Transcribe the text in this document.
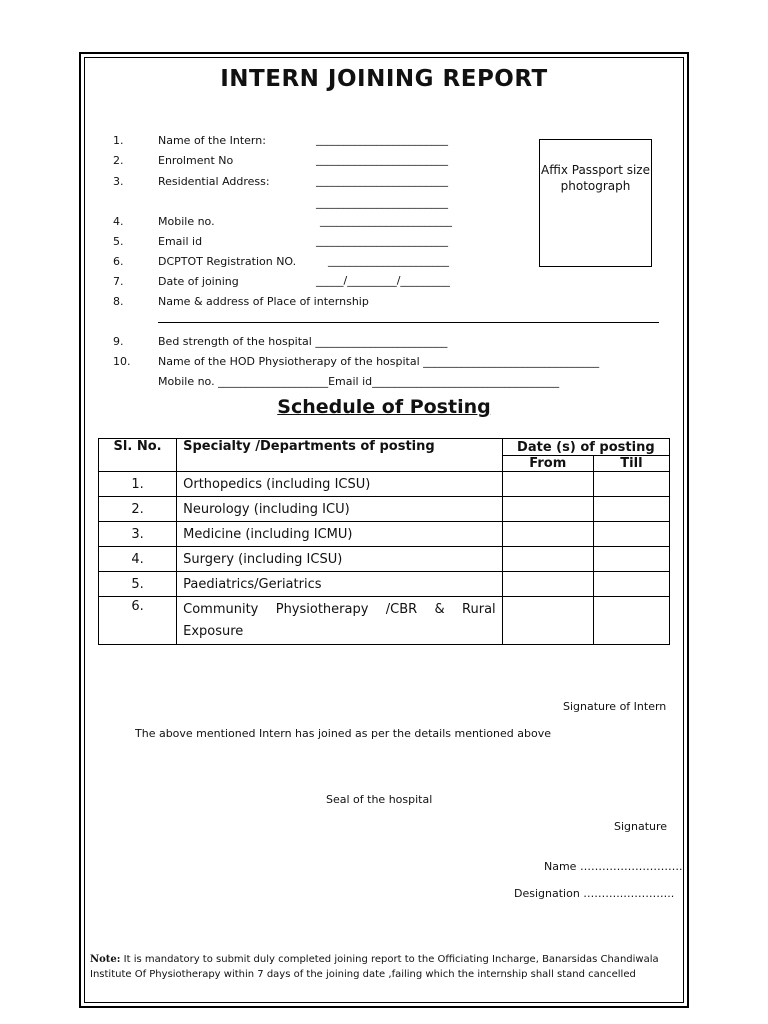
INTERN JOINING REPORT
1.	Name of the Intern:	________________________
2.	Enrolment No	________________________
3.	Residential Address:	________________________
________________________
4.	Mobile no.	________________________
5.	Email id	________________________
6.	DCPTOT Registration NO.	______________________
7.	Date of joining	_____/_________/_________
8.	Name & address of Place of internship
9.	Bed strength of the hospital ________________________
10.	Name of the HOD Physiotherapy of the hospital ________________________________
Mobile no. ____________________Email id__________________________________
Affix Passport size photograph
Schedule of Posting
Sl. No.	Specialty /Departments of posting	Date (s) of posting	
		From	Till
1.	Orthopedics (including ICSU)		
2.	Neurology (including ICU)		
3.	Medicine (including ICMU)		
4.	Surgery (including ICSU)		
5.	Paediatrics/Geriatrics		
6.	Community Physiotherapy /CBR & Rural Exposure		
Signature of Intern
The above mentioned Intern has joined as per the details mentioned above
Seal of the hospital
Signature
Name ……………………….
Designation ………..…………..
Note: It is mandatory to submit duly completed joining report to the Officiating Incharge, Banarsidas Chandiwala Institute Of Physiotherapy within 7 days of the joining date ,failing which the internship shall stand cancelled
